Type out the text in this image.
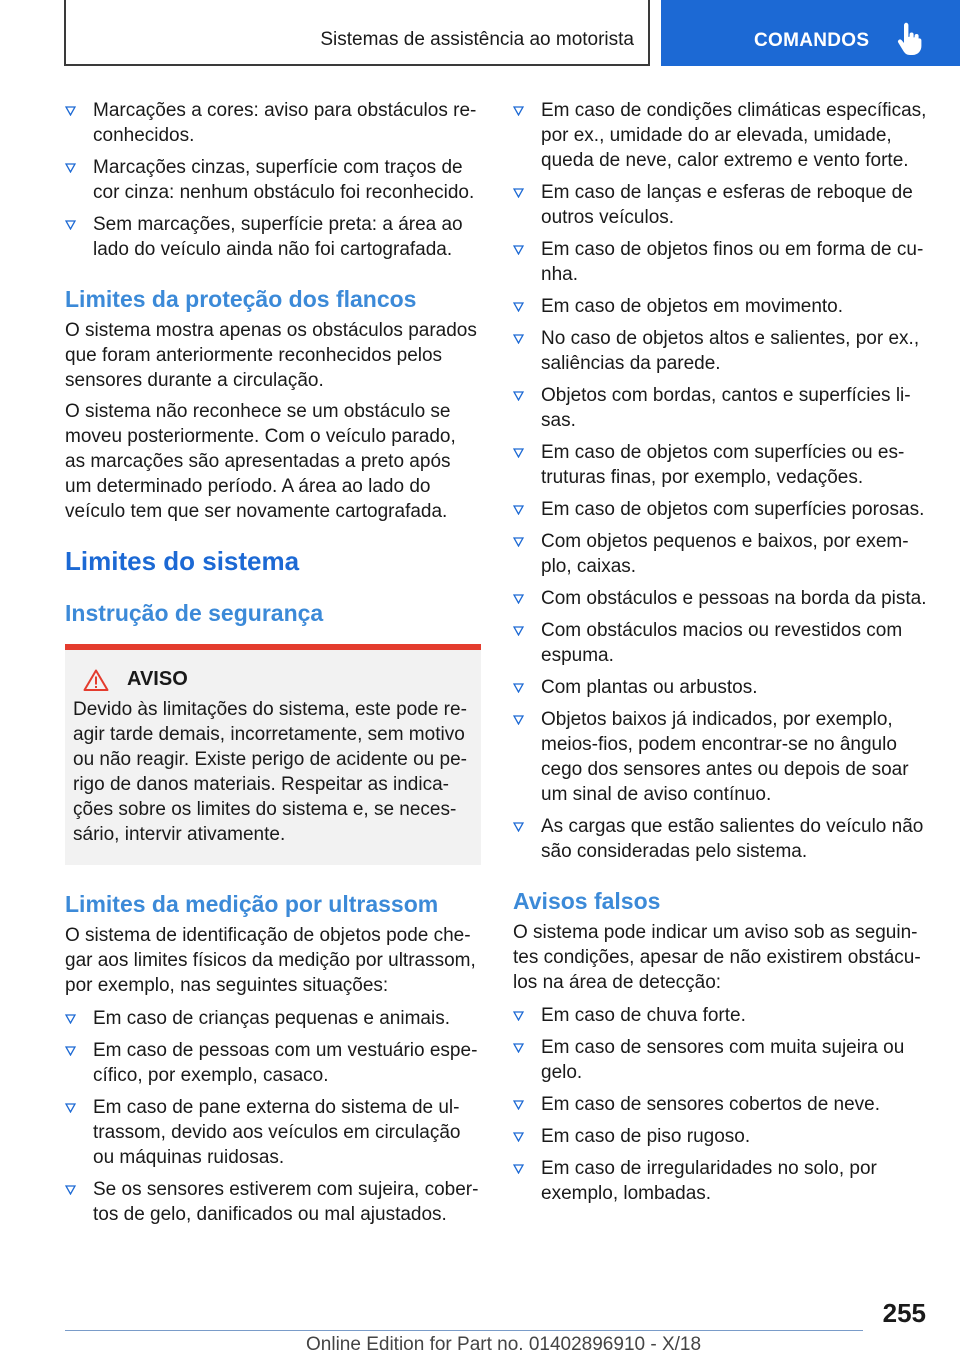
Sistemas de assistência ao motorista	COMANDOS
Marcações a cores: aviso para obstáculos reconhecidos.
Marcações cinzas, superfície com traços de cor cinza: nenhum obstáculo foi reconhecido.
Sem marcações, superfície preta: a área ao lado do veículo ainda não foi cartografada.
Limites da proteção dos flancos

O sistema mostra apenas os obstáculos parados que foram anteriormente reconhecidos pelos sensores durante a circulação.

O sistema não reconhece se um obstáculo se moveu posteriormente. Com o veículo parado, as marcações são apresentadas a preto após um determinado período. A área ao lado do veículo tem que ser novamente cartografada.

Limites do sistema
Instrução de segurança
AVISO

Devido às limitações do sistema, este pode reagir tarde demais, incorretamente, sem motivo ou não reagir. Existe perigo de acidente ou perigo de danos materiais. Respeitar as indicações sobre os limites do sistema e, se necessário, intervir ativamente.

Limites da medição por ultrassom

O sistema de identificação de objetos pode chegar aos limites físicos da medição por ultrassom, por exemplo, nas seguintes situações:

Em caso de crianças pequenas e animais.
Em caso de pessoas com um vestuário específico, por exemplo, casaco.
Em caso de pane externa do sistema de ultrassom, devido aos veículos em circulação ou máquinas ruidosas.
Se os sensores estiverem com sujeira, cobertos de gelo, danificados ou mal ajustados.
Em caso de condições climáticas específicas, por ex., umidade do ar elevada, umidade, queda de neve, calor extremo e vento forte.
Em caso de lanças e esferas de reboque de outros veículos.
Em caso de objetos finos ou em forma de cunha.
Em caso de objetos em movimento.
No caso de objetos altos e salientes, por ex., saliências da parede.
Objetos com bordas, cantos e superfícies lisas.
Em caso de objetos com superfícies ou estruturas finas, por exemplo, vedações.
Em caso de objetos com superfícies porosas.
Com objetos pequenos e baixos, por exemplo, caixas.
Com obstáculos e pessoas na borda da pista.
Com obstáculos macios ou revestidos com espuma.
Com plantas ou arbustos.
Objetos baixos já indicados, por exemplo, meios-fios, podem encontrar-se no ângulo cego dos sensores antes ou depois de soar um sinal de aviso contínuo.
As cargas que estão salientes do veículo não são consideradas pelo sistema.
Avisos falsos

O sistema pode indicar um aviso sob as seguintes condições, apesar de não existirem obstáculos na área de detecção:

Em caso de chuva forte.
Em caso de sensores com muita sujeira ou gelo.
Em caso de sensores cobertos de neve.
Em caso de piso rugoso.
Em caso de irregularidades no solo, por exemplo, lombadas.
255
Online Edition for Part no. 01402896910 - X/18
